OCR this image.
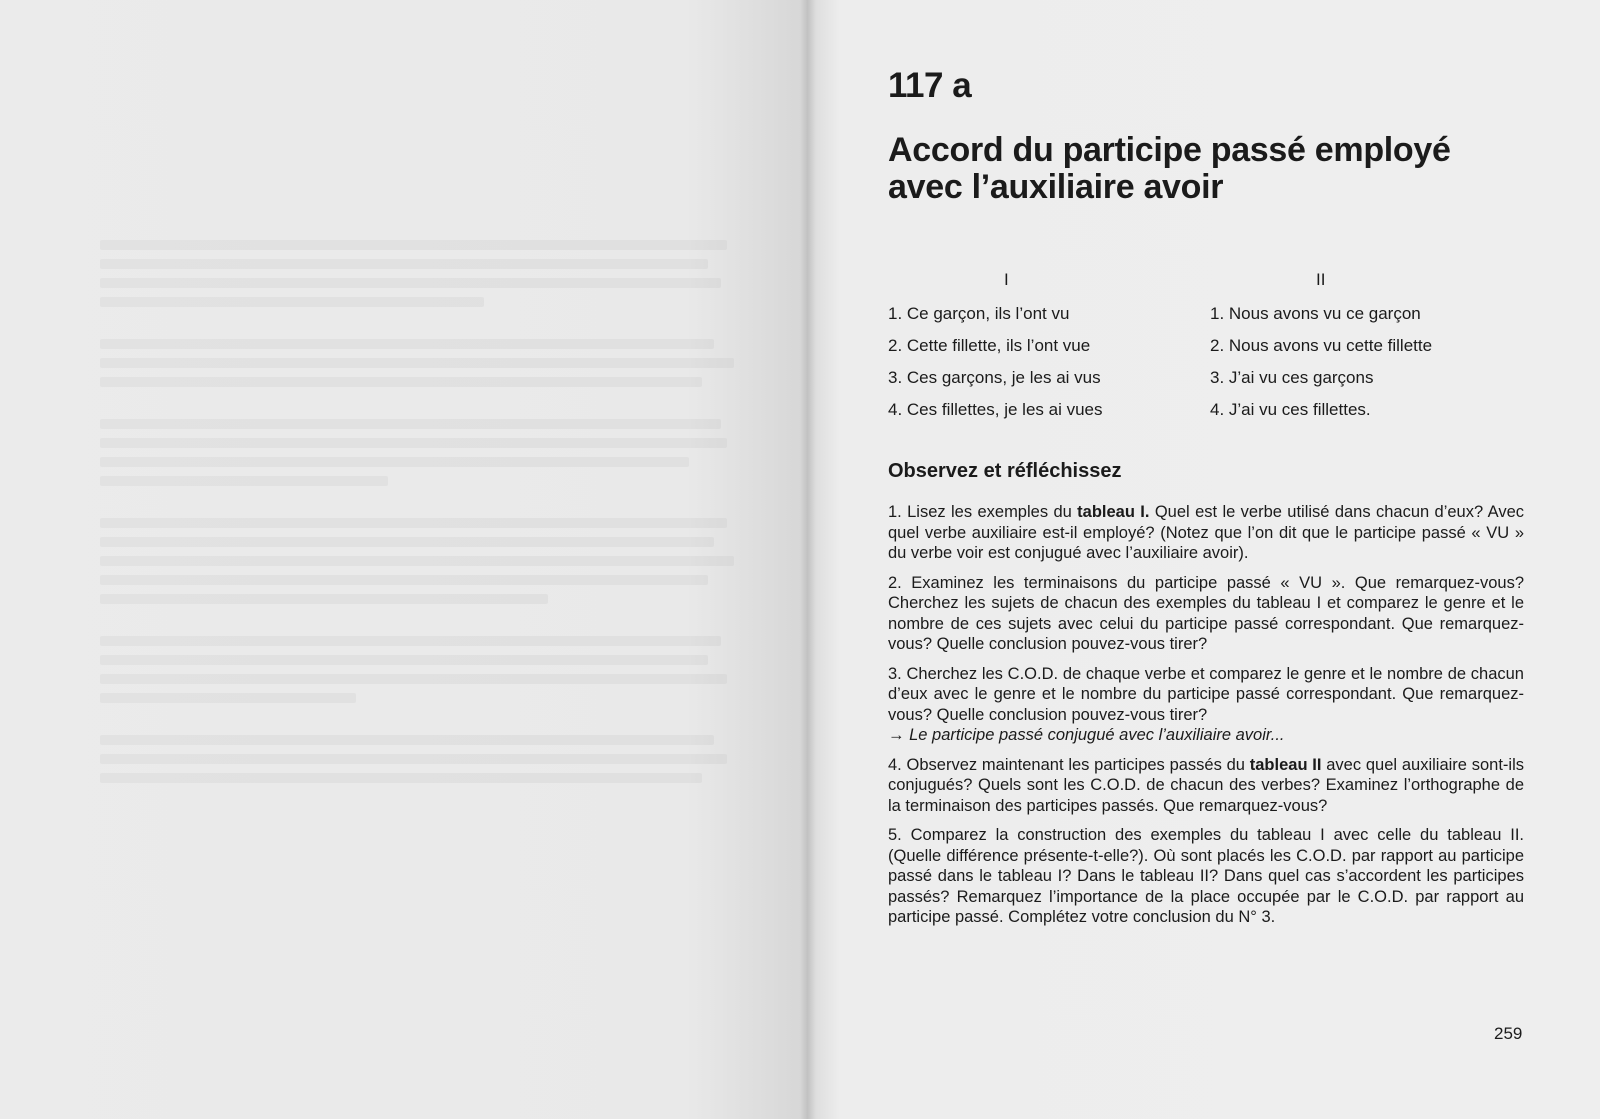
117 a
Accord du participe passé employé avec l’auxiliaire avoir
I	II
1. Ce garçon, ils l’ont vu
2. Cette fillette, ils l’ont vue
3. Ces garçons, je les ai vus
4. Ces fillettes, je les ai vues
1. Nous avons vu ce garçon
2. Nous avons vu cette fillette
3. J’ai vu ces garçons
4. J’ai vu ces fillettes.
Observez et réfléchissez

1. Lisez les exemples du tableau I. Quel est le verbe utilisé dans chacun d’eux? Avec quel verbe auxiliaire est-il employé? (Notez que l’on dit que le participe passé « VU » du verbe voir est conjugué avec l’auxiliaire avoir).

2. Examinez les terminaisons du participe passé « VU ». Que remarquez-vous? Cherchez les sujets de chacun des exemples du tableau I et comparez le genre et le nombre de ces sujets avec celui du participe passé correspondant. Que remarquez-vous? Quelle conclusion pouvez-vous tirer?

3. Cherchez les C.O.D. de chaque verbe et comparez le genre et le nombre de chacun d’eux avec le genre et le nombre du participe passé correspondant. Que remarquez-vous? Quelle conclusion pouvez-vous tirer?
→ Le participe passé conjugué avec l’auxiliaire avoir...

4. Observez maintenant les participes passés du tableau II avec quel auxiliaire sont-ils conjugués? Quels sont les C.O.D. de chacun des verbes? Examinez l’orthographe de la terminaison des participes passés. Que remarquez-vous?

5. Comparez la construction des exemples du tableau I avec celle du tableau II. (Quelle différence présente-t-elle?). Où sont placés les C.O.D. par rapport au participe passé dans le tableau I? Dans le tableau II? Dans quel cas s’accordent les participes passés? Remarquez l’importance de la place occupée par le C.O.D. par rapport au participe passé. Complétez votre conclusion du N° 3.

259
